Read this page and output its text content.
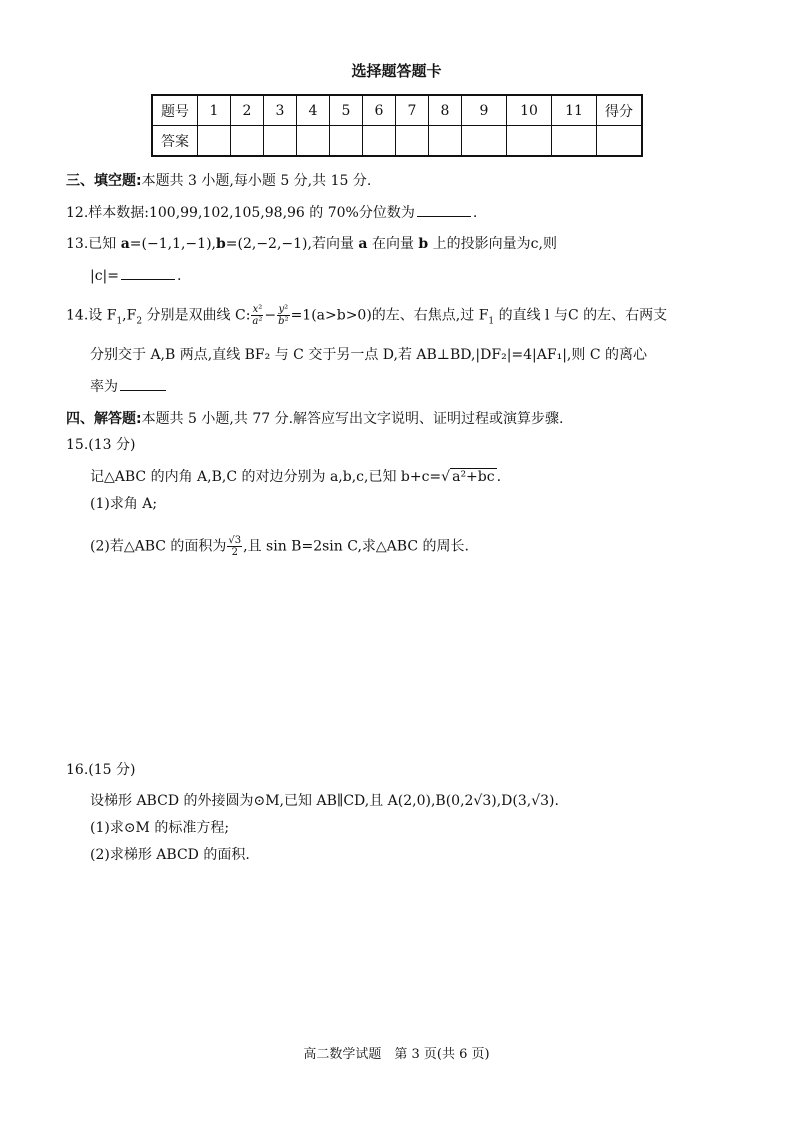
选择题答题卡
题号	1	2	3	4	5	6	7	8	9	10	11	得分
答案												
三、填空题:本题共 3 小题,每小题 5 分,共 15 分.
12.样本数据:100,99,102,105,98,96 的 70%分位数为	.
13.已知 a=(−1,1,−1),b=(2,−2,−1),若向量 a 在向量 b 上的投影向量为c,则
|c|=	.
14.设 $F_1,F_2$ 分别是双曲线 C: $\frac{\text{x²}}{\text{a²}} - \frac{\text{y²}}{\text{b²}} =1(a>b>0)$的左、右焦点,过 $F_1$ 的直线 l 与C 的左、右两支
分别交于 A,B 两点,直线 BF₂ 与 C 交于另一点 D,若 AB⊥BD,|DF₂|=4|AF₁|,则 C 的离心
率为
四、解答题:本题共 5 小题,共 77 分.解答应写出文字说明、证明过程或演算步骤.
15.(13 分)
记△ABC 的内角 A,B,C 的对边分别为 a,b,c,已知 b+c=√ a²+bc .
(1)求角 A;
(2)若△ABC 的面积为 $\frac{√3}{2}$ ,且 sin B=2sin C,求△ABC 的周长.
16.(15 分)
设梯形 ABCD 的外接圆为⊙M,已知 AB∥CD,且 A(2,0),B(0,2√3),D(3,√3).
(1)求⊙M 的标准方程;
(2)求梯形 ABCD 的面积.
高二数学试题　第 3 页(共 6 页)
